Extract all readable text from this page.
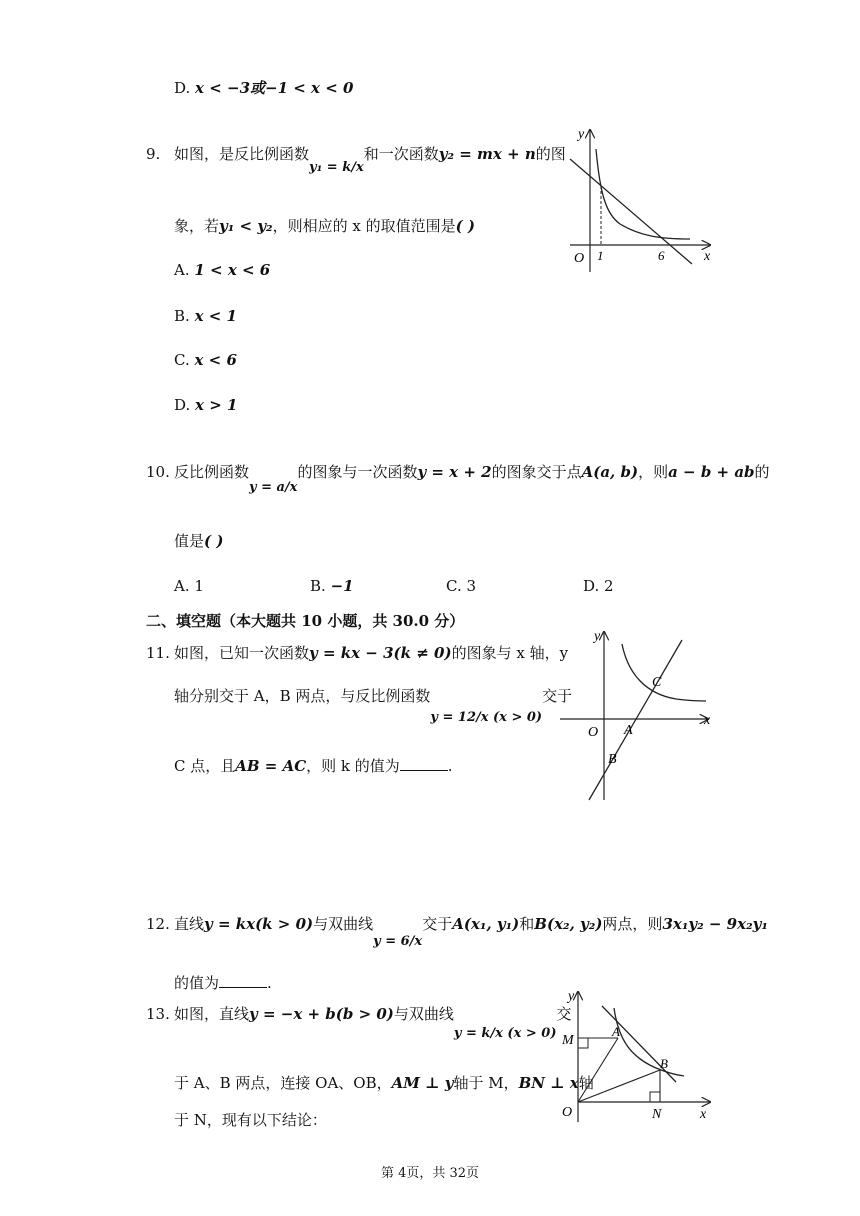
D. x < −3或−1 < x < 0
9. 如图，是反比例函数y₁ = k/x和一次函数y₂ = mx + n的图
象，若y₁ < y₂，则相应的 x 的取值范围是( )
A. 1 < x < 6
B. x < 1
C. x < 6
D. x > 1
y
x
O 1	6
10. 反比例函数y = a/x的图象与一次函数y = x + 2的图象交于点A(a, b)，则a − b + ab的
值是( )
A. 1	B. −1	C. 3	D. 2
二、填空题（本大题共 10 小题，共 30.0 分）
11. 如图，已知一次函数y = kx − 3(k ≠ 0)的图象与 x 轴，y
轴分别交于 A，B 两点，与反比例函数y = 12/x (x > 0)交于
C 点，且AB = AC，则 k 的值为	.
y
x
O A
B
C
12. 直线y = kx(k > 0)与双曲线y = 6/x交于A(x₁, y₁)和B(x₂, y₂)两点，则3x₁y₂ − 9x₂y₁
的值为	.
13. 如图，直线y = −x + b(b > 0)与双曲线y = k/x (x > 0)交
于 A、B 两点，连接 OA、OB，AM ⊥ y轴于 M，BN ⊥ x轴
于 N，现有以下结论：
y
x
O
M
N
A
B
第 4页，共 32页
